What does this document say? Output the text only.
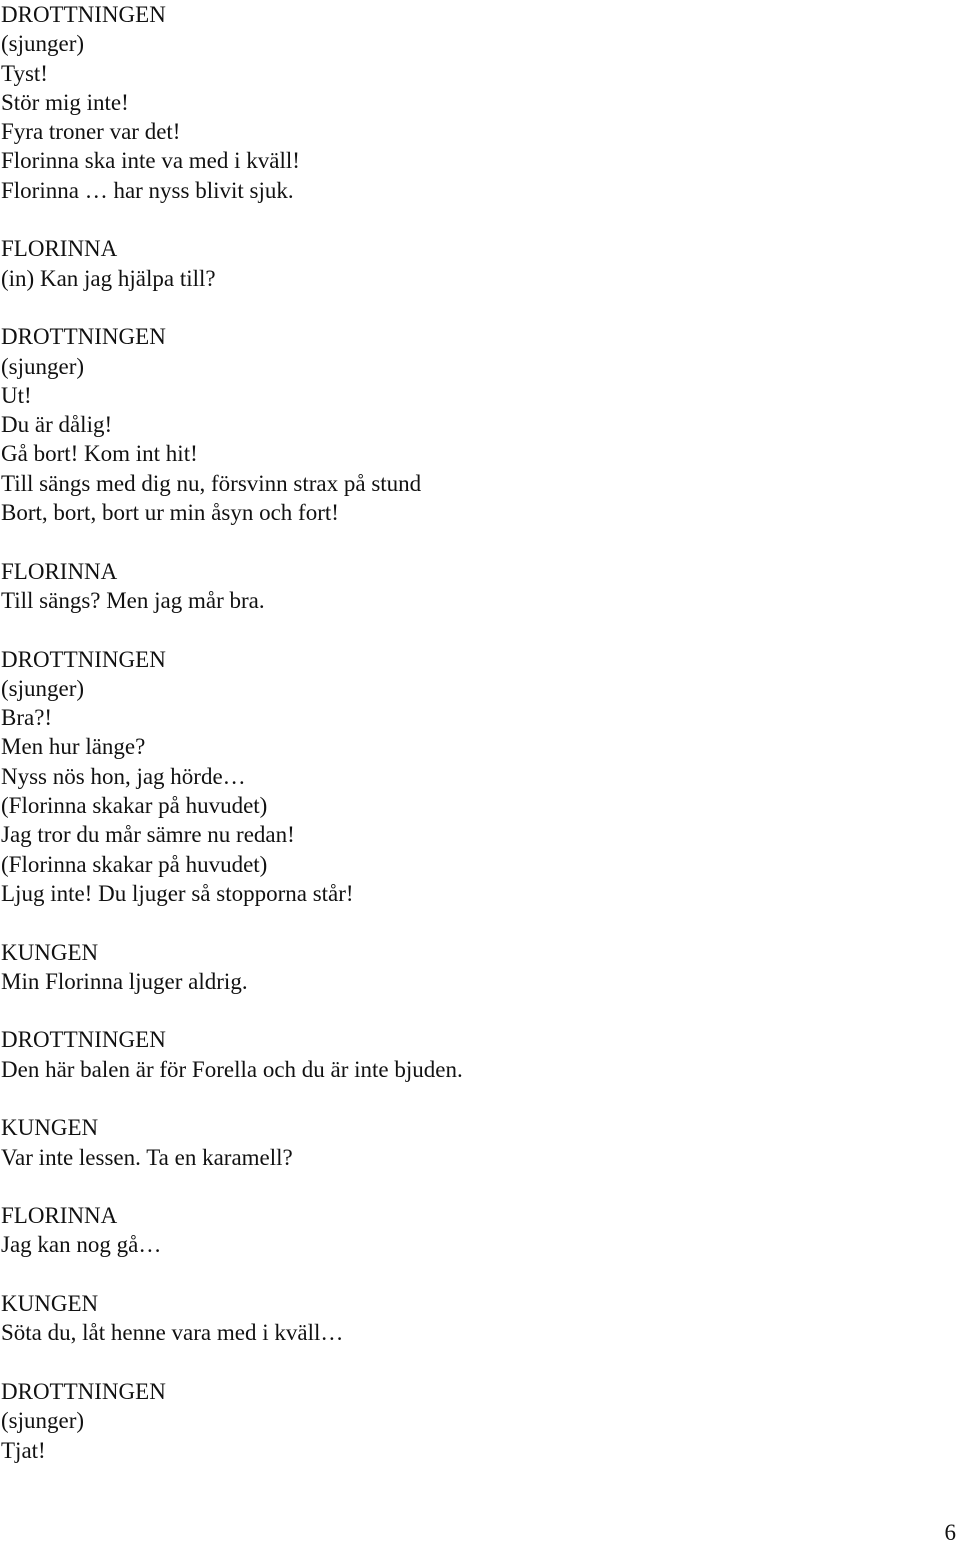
DROTTNINGEN
(sjunger)
Tyst!
Stör mig inte!
Fyra troner var det!
Florinna ska inte va med i kväll!
Florinna … har nyss blivit sjuk.
FLORINNA
(in) Kan jag hjälpa till?
DROTTNINGEN
(sjunger)
Ut!
Du är dålig!
Gå bort! Kom int hit!
Till sängs med dig nu, försvinn strax på stund
Bort, bort, bort ur min åsyn och fort!
FLORINNA
Till sängs? Men jag mår bra.
DROTTNINGEN
(sjunger)
Bra?!
Men hur länge?
Nyss nös hon, jag hörde…
(Florinna skakar på huvudet)
Jag tror du mår sämre nu redan!
(Florinna skakar på huvudet)
Ljug inte! Du ljuger så stopporna står!
KUNGEN
Min Florinna ljuger aldrig.
DROTTNINGEN
Den här balen är för Forella och du är inte bjuden.
KUNGEN
Var inte lessen. Ta en karamell?
FLORINNA
Jag kan nog gå…
KUNGEN
Söta du, låt henne vara med i kväll…
DROTTNINGEN
(sjunger)
Tjat!
6
